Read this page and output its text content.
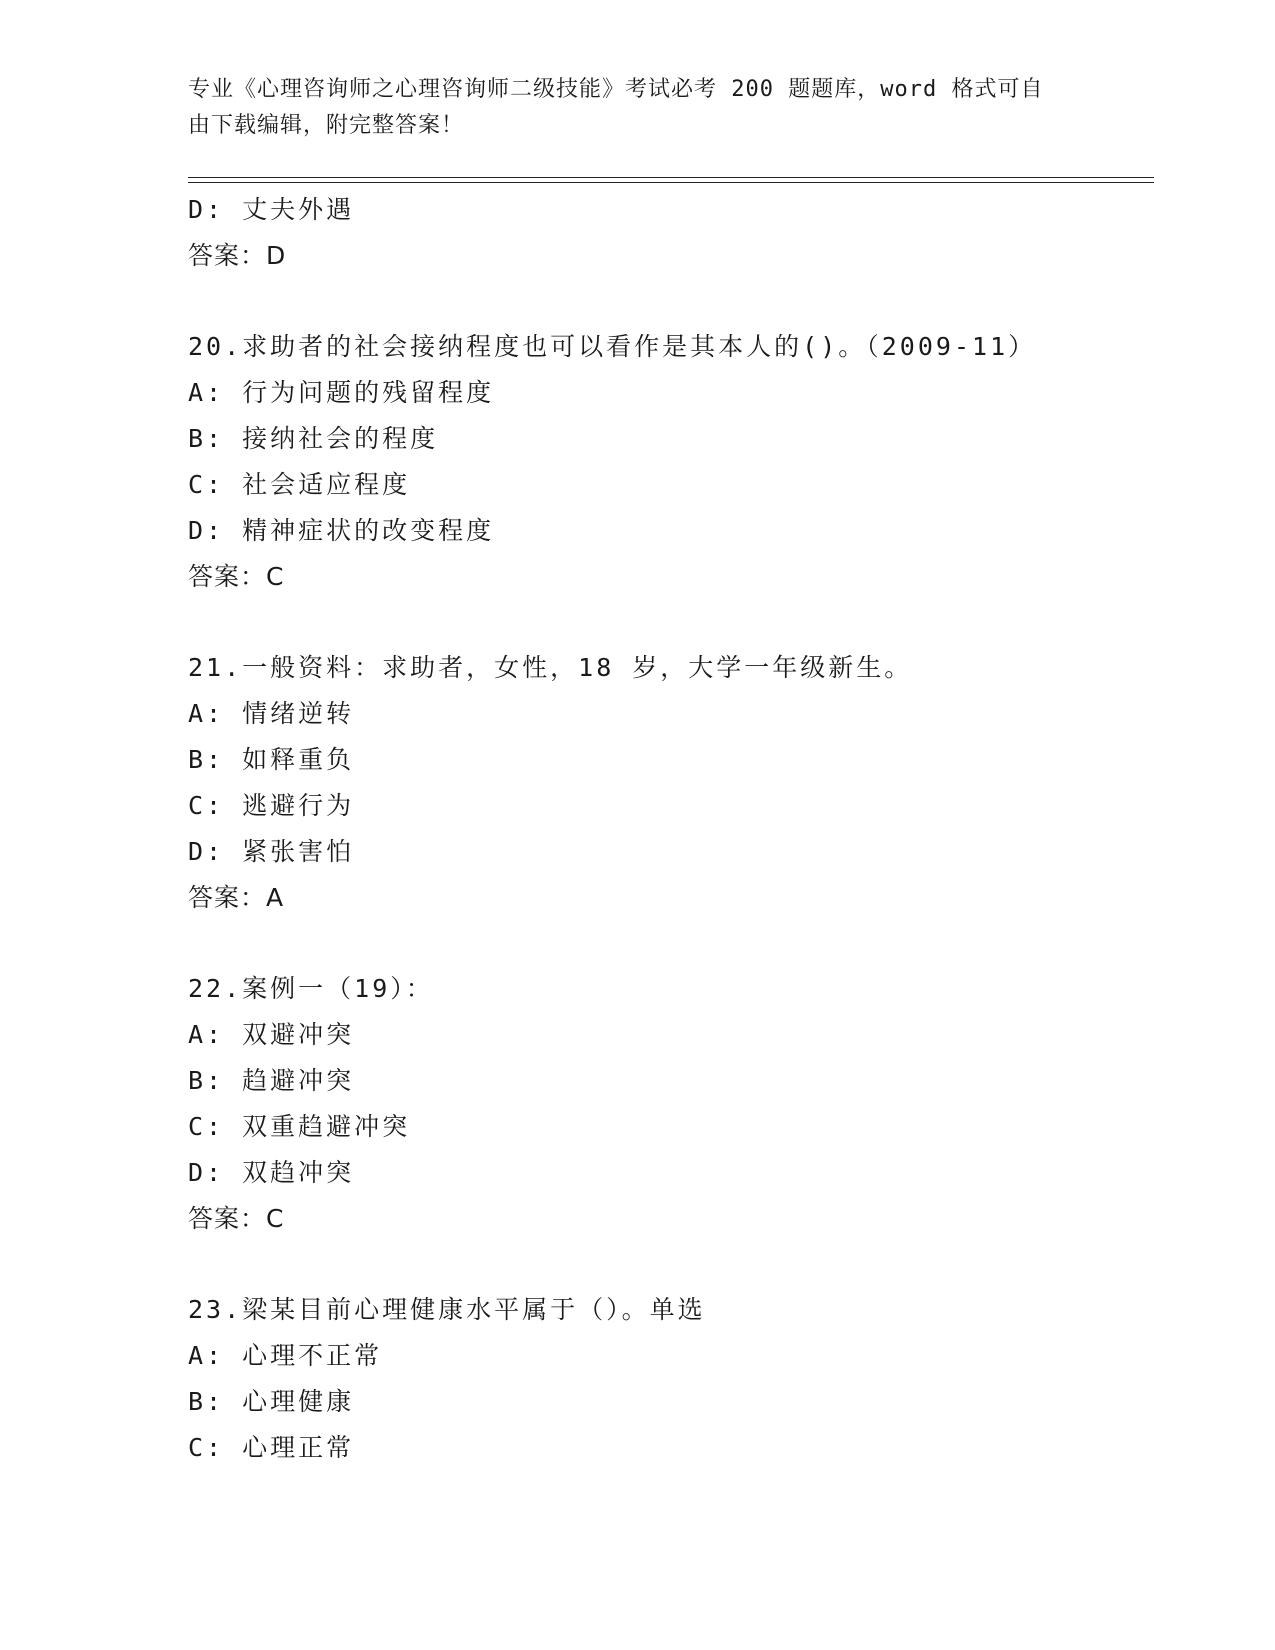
专业《心理咨询师之心理咨询师二级技能》考试必考 200 题题库，word 格式可自
由下载编辑，附完整答案！
D: 丈夫外遇
答案：D
20.求助者的社会接纳程度也可以看作是其本人的()。（2009-11）
A: 行为问题的残留程度
B: 接纳社会的程度
C: 社会适应程度
D: 精神症状的改变程度
答案：C
21.一般资料：求助者，女性，18 岁，大学一年级新生。
A: 情绪逆转
B: 如释重负
C: 逃避行为
D: 紧张害怕
答案：A
22.案例一（19）：
A: 双避冲突
B: 趋避冲突
C: 双重趋避冲突
D: 双趋冲突
答案：C
23.梁某目前心理健康水平属于（）。单选
A: 心理不正常
B: 心理健康
C: 心理正常
